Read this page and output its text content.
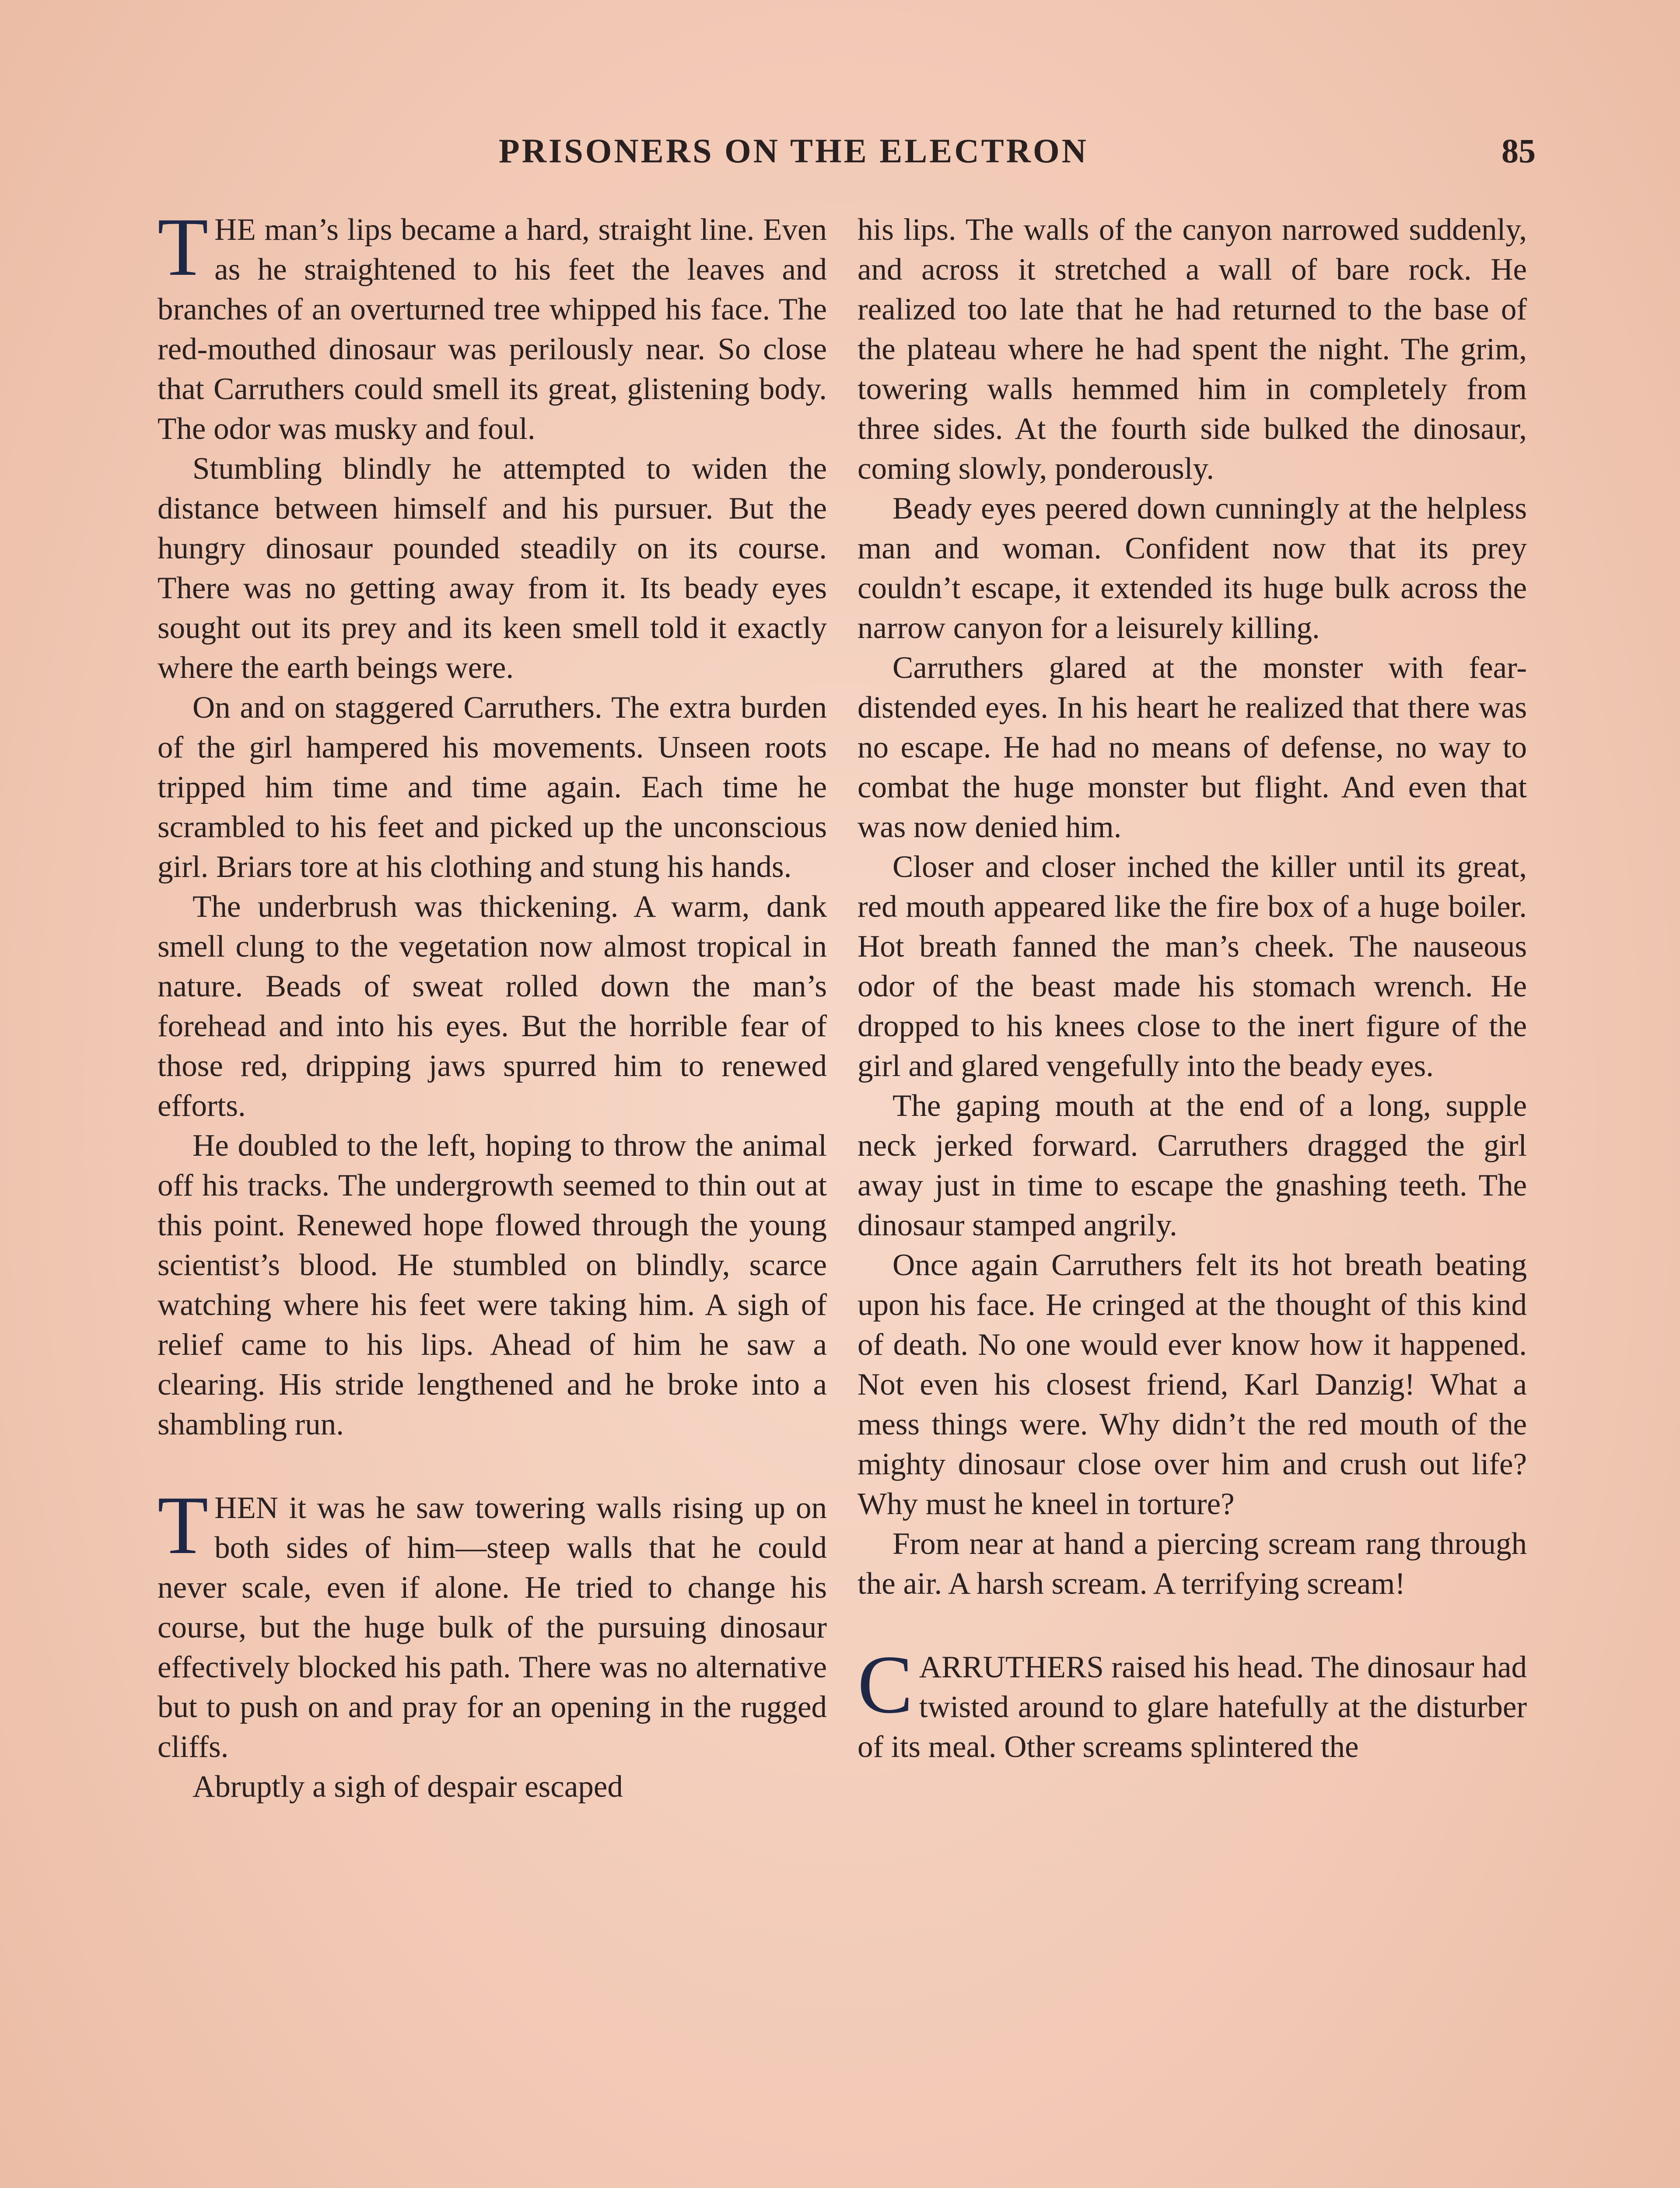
PRISONERS ON THE ELECTRON	85

THE man’s lips became a hard, straight line. Even as he straightened to his feet the leaves and branches of an overturned tree whipped his face. The red-mouthed dinosaur was perilously near. So close that Carruthers could smell its great, glistening body. The odor was musky and foul.

Stumbling blindly he attempted to widen the distance between himself and his pursuer. But the hungry dinosaur pounded steadily on its course. There was no getting away from it. Its beady eyes sought out its prey and its keen smell told it exactly where the earth beings were.

On and on staggered Carruthers. The extra burden of the girl hampered his movements. Unseen roots tripped him time and time again. Each time he scrambled to his feet and picked up the unconscious girl. Briars tore at his clothing and stung his hands.

The underbrush was thickening. A warm, dank smell clung to the vegetation now almost tropical in nature. Beads of sweat rolled down the man’s forehead and into his eyes. But the horrible fear of those red, dripping jaws spurred him to renewed efforts.

He doubled to the left, hoping to throw the animal off his tracks. The undergrowth seemed to thin out at this point. Renewed hope flowed through the young scientist’s blood. He stumbled on blindly, scarce watching where his feet were taking him. A sigh of relief came to his lips. Ahead of him he saw a clearing. His stride lengthened and he broke into a shambling run.

THEN it was he saw towering walls rising up on both sides of him—steep walls that he could never scale, even if alone. He tried to change his course, but the huge bulk of the pursuing dinosaur effectively blocked his path. There was no alternative but to push on and pray for an opening in the rugged cliffs.

Abruptly a sigh of despair escaped

his lips. The walls of the canyon narrowed suddenly, and across it stretched a wall of bare rock. He realized too late that he had returned to the base of the plateau where he had spent the night. The grim, towering walls hemmed him in completely from three sides. At the fourth side bulked the dinosaur, coming slowly, ponderously.

Beady eyes peered down cunningly at the helpless man and woman. Confident now that its prey couldn’t escape, it extended its huge bulk across the narrow canyon for a leisurely killing.

Carruthers glared at the monster with fear-distended eyes. In his heart he realized that there was no escape. He had no means of defense, no way to combat the huge monster but flight. And even that was now denied him.

Closer and closer inched the killer until its great, red mouth appeared like the fire box of a huge boiler. Hot breath fanned the man’s cheek. The nauseous odor of the beast made his stomach wrench. He dropped to his knees close to the inert figure of the girl and glared vengefully into the beady eyes.

The gaping mouth at the end of a long, supple neck jerked forward. Carruthers dragged the girl away just in time to escape the gnashing teeth. The dinosaur stamped angrily.

Once again Carruthers felt its hot breath beating upon his face. He cringed at the thought of this kind of death. No one would ever know how it happened. Not even his closest friend, Karl Danzig! What a mess things were. Why didn’t the red mouth of the mighty dinosaur close over him and crush out life? Why must he kneel in torture?

From near at hand a piercing scream rang through the air. A harsh scream. A terrifying scream!

CARRUTHERS raised his head. The dinosaur had twisted around to glare hatefully at the disturber of its meal. Other screams splintered the
